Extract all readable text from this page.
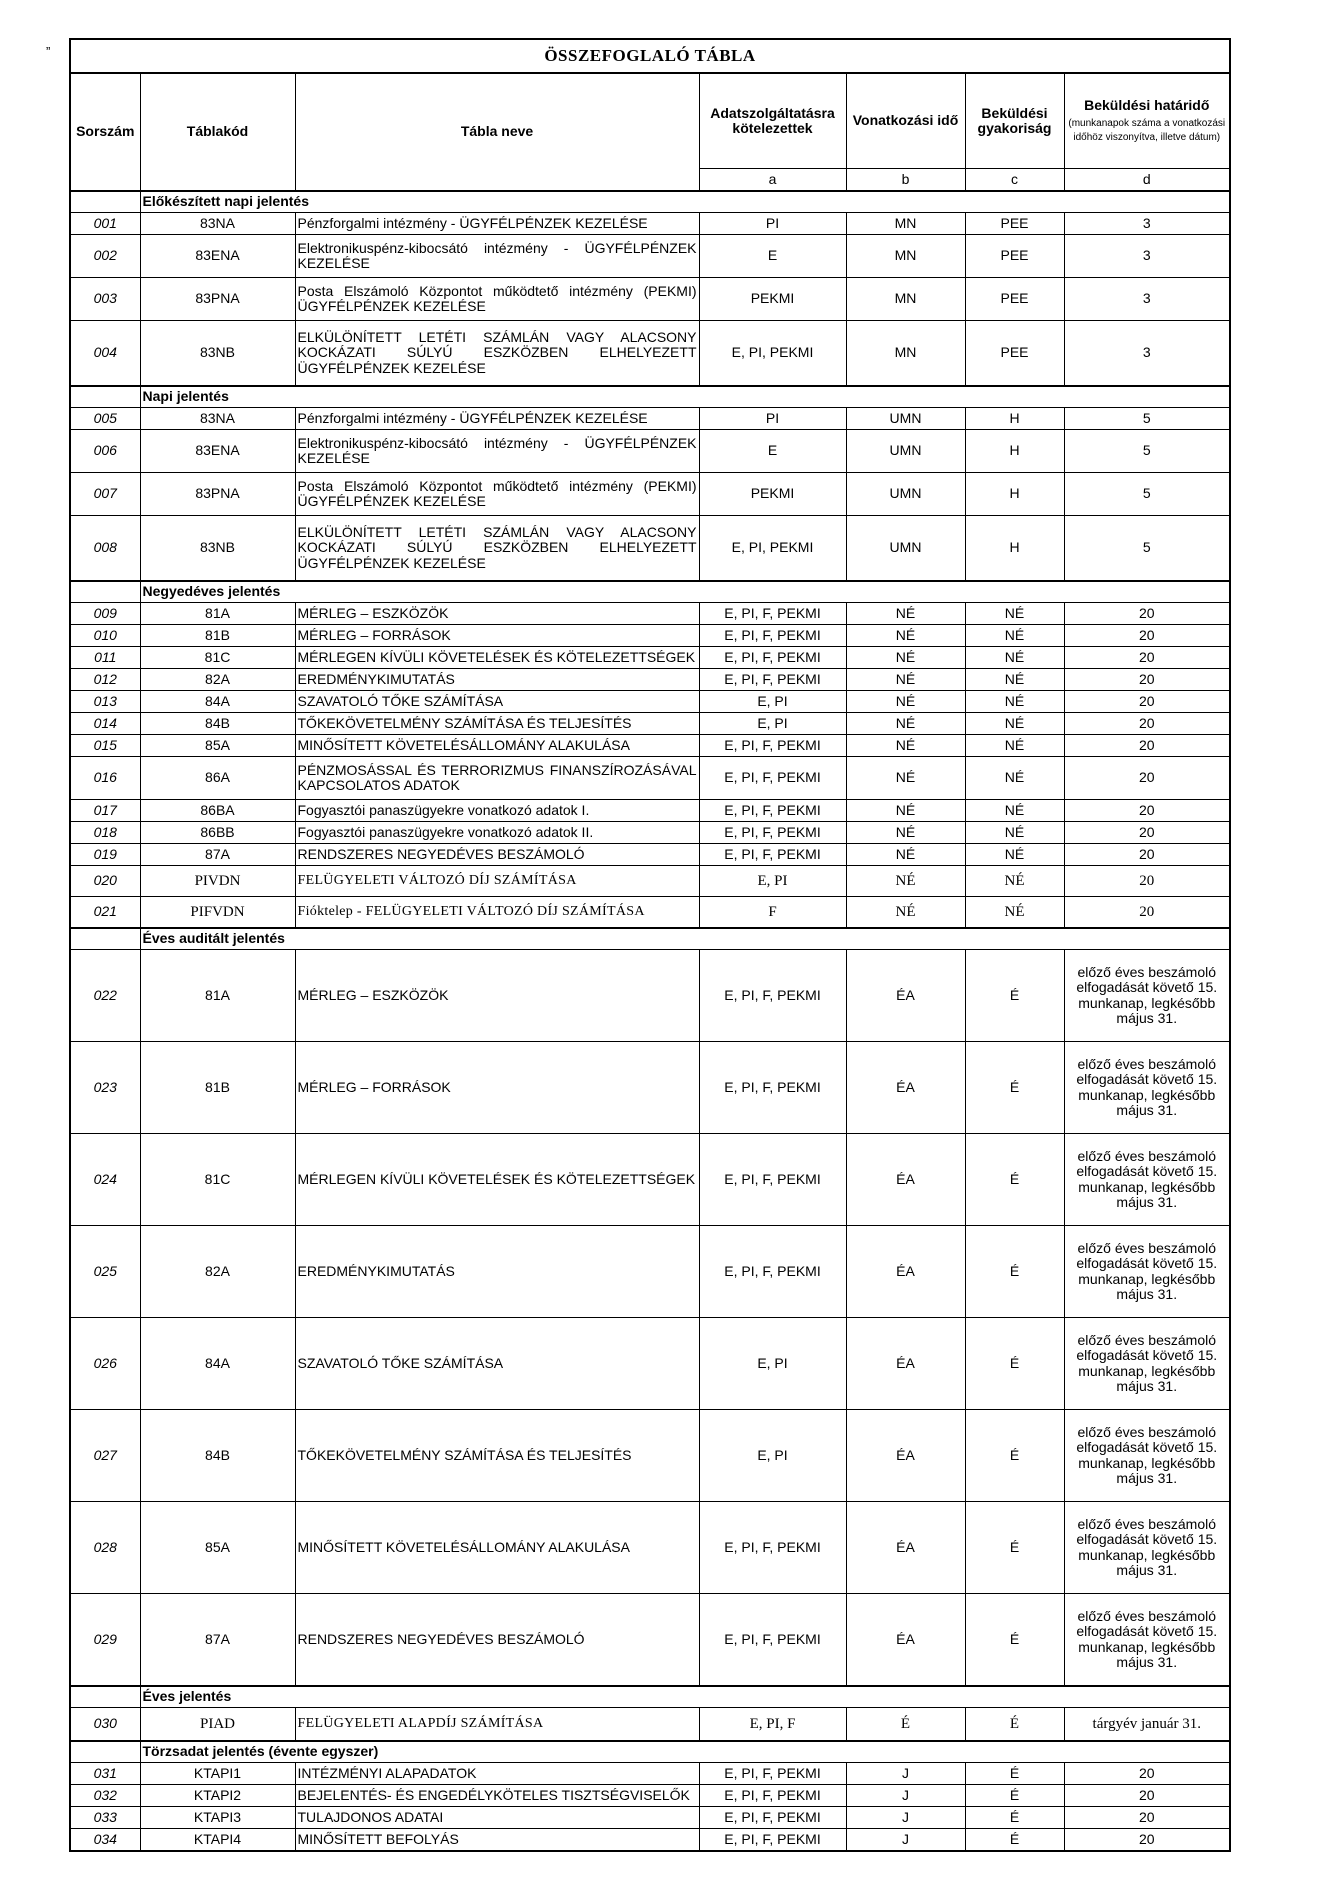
”	ÖSSZEFOGLALÓ TÁBLA						
Sorszám	Táblakód	Tábla neve	Adatszolgáltatásra kötelezettek	Vonatkozási idő	Beküldési gyakoriság	Beküldési határidő
(munkanapok száma a vonatkozási időhöz viszonyítva, illetve dátum)

			a	b	c	d
	Előkészített napi jelentés					
001	83NA	Pénzforgalmi intézmény - ÜGYFÉLPÉNZEK KEZELÉSE	PI	MN	PEE	3
002	83ENA	Elektronikuspénz-kibocsátó intézmény - ÜGYFÉLPÉNZEK KEZELÉSE	E	MN	PEE	3
003	83PNA	Posta Elszámoló Központot működtető intézmény (PEKMI) ÜGYFÉLPÉNZEK KEZELÉSE	PEKMI	MN	PEE	3
004	83NB	ELKÜLÖNÍTETT LETÉTI SZÁMLÁN VAGY ALACSONY KOCKÁZATI SÚLYÚ ESZKÖZBEN ELHELYEZETT ÜGYFÉLPÉNZEK KEZELÉSE	E, PI, PEKMI	MN	PEE	3
	Napi jelentés					
005	83NA	Pénzforgalmi intézmény - ÜGYFÉLPÉNZEK KEZELÉSE	PI	UMN	H	5
006	83ENA	Elektronikuspénz-kibocsátó intézmény - ÜGYFÉLPÉNZEK KEZELÉSE	E	UMN	H	5
007	83PNA	Posta Elszámoló Központot működtető intézmény (PEKMI) ÜGYFÉLPÉNZEK KEZELÉSE	PEKMI	UMN	H	5
008	83NB	ELKÜLÖNÍTETT LETÉTI SZÁMLÁN VAGY ALACSONY KOCKÁZATI SÚLYÚ ESZKÖZBEN ELHELYEZETT ÜGYFÉLPÉNZEK KEZELÉSE	E, PI, PEKMI	UMN	H	5
	Negyedéves jelentés					
009	81A	MÉRLEG – ESZKÖZÖK	E, PI, F, PEKMI	NÉ	NÉ	20
010	81B	MÉRLEG – FORRÁSOK	E, PI, F, PEKMI	NÉ	NÉ	20
011	81C	MÉRLEGEN KÍVÜLI KÖVETELÉSEK ÉS KÖTELEZETTSÉGEK	E, PI, F, PEKMI	NÉ	NÉ	20
012	82A	EREDMÉNYKIMUTATÁS	E, PI, F, PEKMI	NÉ	NÉ	20
013	84A	SZAVATOLÓ TŐKE SZÁMÍTÁSA	E, PI	NÉ	NÉ	20
014	84B	TŐKEKÖVETELMÉNY SZÁMÍTÁSA ÉS TELJESÍTÉS	E, PI	NÉ	NÉ	20
015	85A	MINŐSÍTETT KÖVETELÉSÁLLOMÁNY ALAKULÁSA	E, PI, F, PEKMI	NÉ	NÉ	20
016	86A	PÉNZMOSÁSSAL ÉS TERRORIZMUS FINANSZÍROZÁSÁVAL KAPCSOLATOS ADATOK	E, PI, F, PEKMI	NÉ	NÉ	20
017	86BA	Fogyasztói panaszügyekre vonatkozó adatok I.	E, PI, F, PEKMI	NÉ	NÉ	20
018	86BB	Fogyasztói panaszügyekre vonatkozó adatok II.	E, PI, F, PEKMI	NÉ	NÉ	20
019	87A	RENDSZERES NEGYEDÉVES BESZÁMOLÓ	E, PI, F, PEKMI	NÉ	NÉ	20
020	PIVDN	FELÜGYELETI VÁLTOZÓ DÍJ SZÁMÍTÁSA	E, PI	NÉ	NÉ	20
021	PIFVDN	Fióktelep - FELÜGYELETI VÁLTOZÓ DÍJ SZÁMÍTÁSA	F	NÉ	NÉ	20
	Éves auditált jelentés					
022	81A	MÉRLEG – ESZKÖZÖK	E, PI, F, PEKMI	ÉA	É	előző éves beszámoló elfogadását követő 15. munkanap, legkésőbb május 31.
023	81B	MÉRLEG – FORRÁSOK	E, PI, F, PEKMI	ÉA	É	előző éves beszámoló elfogadását követő 15. munkanap, legkésőbb május 31.
024	81C	MÉRLEGEN KÍVÜLI KÖVETELÉSEK ÉS KÖTELEZETTSÉGEK	E, PI, F, PEKMI	ÉA	É	előző éves beszámoló elfogadását követő 15. munkanap, legkésőbb május 31.
025	82A	EREDMÉNYKIMUTATÁS	E, PI, F, PEKMI	ÉA	É	előző éves beszámoló elfogadását követő 15. munkanap, legkésőbb május 31.
026	84A	SZAVATOLÓ TŐKE SZÁMÍTÁSA	E, PI	ÉA	É	előző éves beszámoló elfogadását követő 15. munkanap, legkésőbb május 31.
027	84B	TŐKEKÖVETELMÉNY SZÁMÍTÁSA ÉS TELJESÍTÉS	E, PI	ÉA	É	előző éves beszámoló elfogadását követő 15. munkanap, legkésőbb május 31.
028	85A	MINŐSÍTETT KÖVETELÉSÁLLOMÁNY ALAKULÁSA	E, PI, F, PEKMI	ÉA	É	előző éves beszámoló elfogadását követő 15. munkanap, legkésőbb május 31.
029	87A	RENDSZERES NEGYEDÉVES BESZÁMOLÓ	E, PI, F, PEKMI	ÉA	É	előző éves beszámoló elfogadását követő 15. munkanap, legkésőbb május 31.
	Éves jelentés					
030	PIAD	FELÜGYELETI ALAPDÍJ SZÁMÍTÁSA	E, PI, F	É	É	tárgyév január 31.
	Törzsadat jelentés (évente egyszer)					
031	KTAPI1	INTÉZMÉNYI ALAPADATOK	E, PI, F, PEKMI	J	É	20
032	KTAPI2	BEJELENTÉS- ÉS ENGEDÉLYKÖTELES TISZTSÉGVISELŐK	E, PI, F, PEKMI	J	É	20
033	KTAPI3	TULAJDONOS ADATAI	E, PI, F, PEKMI	J	É	20
034	KTAPI4	MINŐSÍTETT BEFOLYÁS	E, PI, F, PEKMI	J	É	20
